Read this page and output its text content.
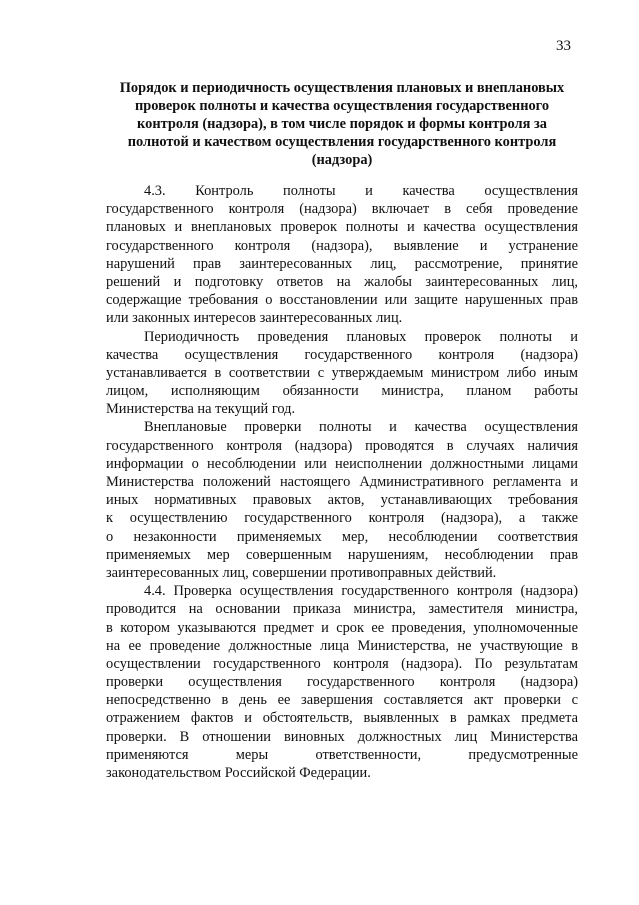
33
Порядок и периодичность осуществления плановых и внеплановых
проверок полноты и качества осуществления государственного
контроля (надзора), в том числе порядок и формы контроля за
полнотой и качеством осуществления государственного контроля
(надзора)
4.3. Контроль полноты и качества осуществления
государственного контроля (надзора) включает в себя проведение
плановых и внеплановых проверок полноты и качества осуществления
государственного контроля (надзора), выявление и устранение
нарушений прав заинтересованных лиц, рассмотрение, принятие
решений и подготовку ответов на жалобы заинтересованных лиц,
содержащие требования о восстановлении или защите нарушенных прав
или законных интересов заинтересованных лиц.
Периодичность проведения плановых проверок полноты и
качества осуществления государственного контроля (надзора)
устанавливается в соответствии с утверждаемым министром либо иным
лицом, исполняющим обязанности министра, планом работы
Министерства на текущий год.
Внеплановые проверки полноты и качества осуществления
государственного контроля (надзора) проводятся в случаях наличия
информации о несоблюдении или неисполнении должностными лицами
Министерства положений настоящего Административного регламента и
иных нормативных правовых актов, устанавливающих требования
к осуществлению государственного контроля (надзора), а также
о незаконности применяемых мер, несоблюдении соответствия
применяемых мер совершенным нарушениям, несоблюдении прав
заинтересованных лиц, совершении противоправных действий.
4.4. Проверка осуществления государственного контроля (надзора)
проводится на основании приказа министра, заместителя министра,
в котором указываются предмет и срок ее проведения, уполномоченные
на ее проведение должностные лица Министерства, не участвующие в
осуществлении государственного контроля (надзора). По результатам
проверки осуществления государственного контроля (надзора)
непосредственно в день ее завершения составляется акт проверки с
отражением фактов и обстоятельств, выявленных в рамках предмета
проверки. В отношении виновных должностных лиц Министерства
применяются меры ответственности, предусмотренные
законодательством Российской Федерации.
